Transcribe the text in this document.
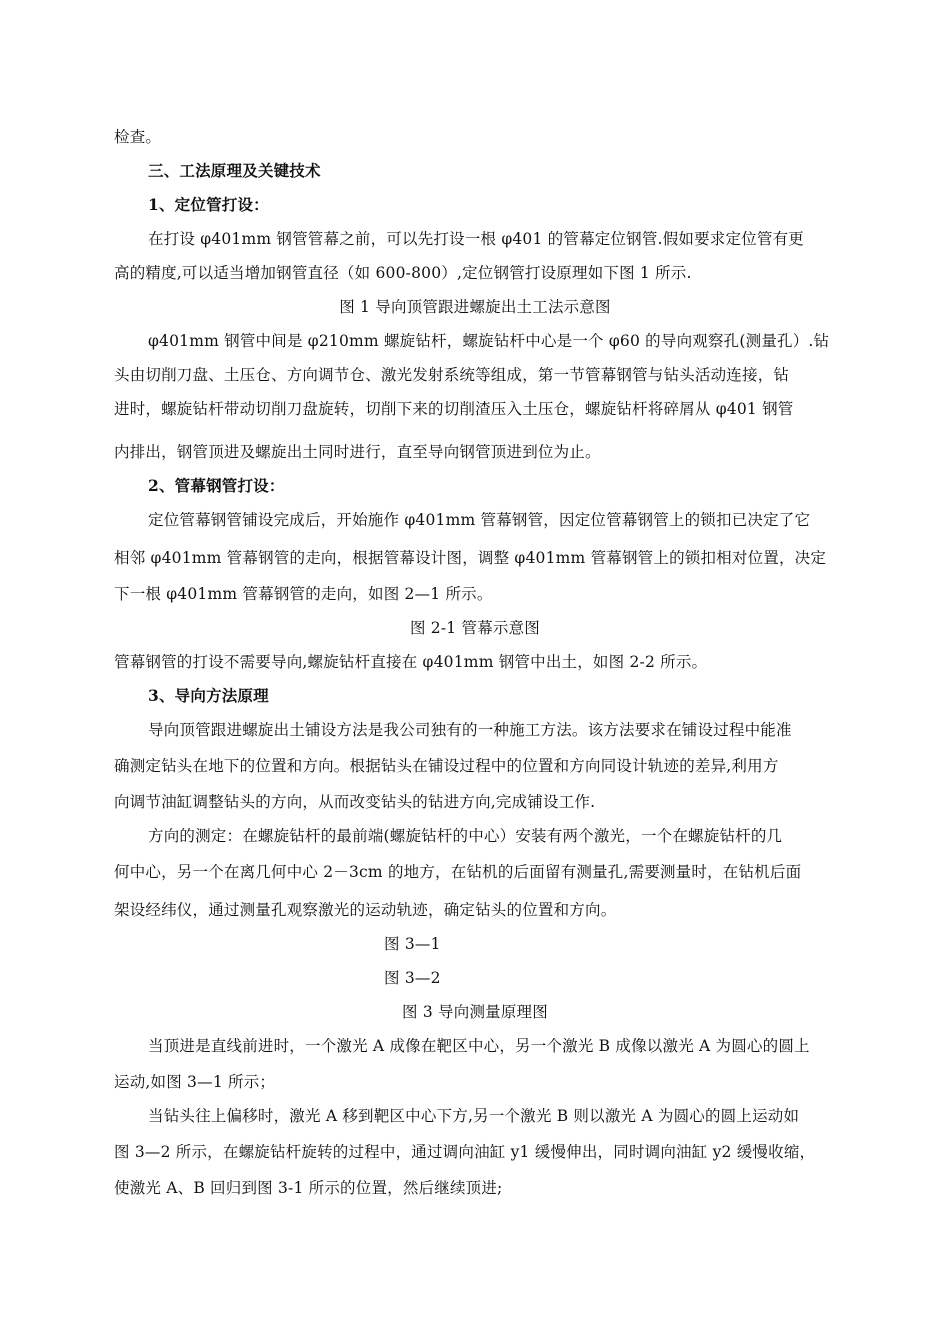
检查。
三、工法原理及关键技术
1、定位管打设：
在打设 φ401mm 钢管管幕之前，可以先打设一根 φ401 的管幕定位钢管.假如要求定位管有更
高的精度,可以适当增加钢管直径（如 600-800）,定位钢管打设原理如下图 1 所示.
图 1 导向顶管跟进螺旋出土工法示意图
φ401mm 钢管中间是 φ210mm 螺旋钻杆，螺旋钻杆中心是一个 φ60 的导向观察孔(测量孔）.钻
头由切削刀盘、土压仓、方向调节仓、激光发射系统等组成，第一节管幕钢管与钻头活动连接，钻
进时，螺旋钻杆带动切削刀盘旋转，切削下来的切削渣压入土压仓，螺旋钻杆将碎屑从 φ401 钢管
内排出，钢管顶进及螺旋出土同时进行，直至导向钢管顶进到位为止。
2、管幕钢管打设：
定位管幕钢管铺设完成后，开始施作 φ401mm 管幕钢管，因定位管幕钢管上的锁扣已决定了它
相邻 φ401mm 管幕钢管的走向，根据管幕设计图，调整 φ401mm 管幕钢管上的锁扣相对位置，决定
下一根 φ401mm 管幕钢管的走向，如图 2—1 所示。
图 2-1 管幕示意图
管幕钢管的打设不需要导向,螺旋钻杆直接在 φ401mm 钢管中出土，如图 2-2 所示。
3、导向方法原理
导向顶管跟进螺旋出土铺设方法是我公司独有的一种施工方法。该方法要求在铺设过程中能准
确测定钻头在地下的位置和方向。根据钻头在铺设过程中的位置和方向同设计轨迹的差异,利用方
向调节油缸调整钻头的方向，从而改变钻头的钻进方向,完成铺设工作.
方向的测定：在螺旋钻杆的最前端(螺旋钻杆的中心）安装有两个激光，一个在螺旋钻杆的几
何中心，另一个在离几何中心 2－3cm 的地方，在钻机的后面留有测量孔,需要测量时，在钻机后面
架设经纬仪，通过测量孔观察激光的运动轨迹，确定钻头的位置和方向。
图 3—1
图 3—2
图 3 导向测量原理图
当顶进是直线前进时，一个激光 A 成像在靶区中心，另一个激光 B 成像以激光 A 为圆心的圆上
运动,如图 3—1 所示；
当钻头往上偏移时，激光 A 移到靶区中心下方,另一个激光 B 则以激光 A 为圆心的圆上运动如
图 3—2 所示，在螺旋钻杆旋转的过程中，通过调向油缸 y1 缓慢伸出，同时调向油缸 y2 缓慢收缩，
使激光 A、B 回归到图 3-1 所示的位置，然后继续顶进;
